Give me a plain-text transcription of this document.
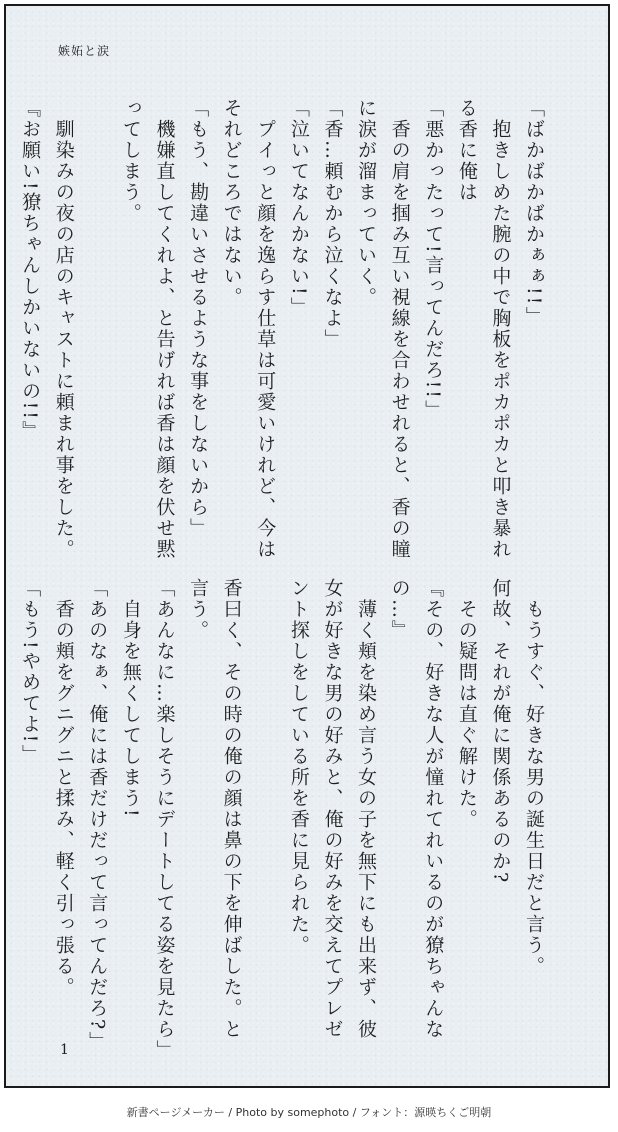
嫉妬と涙

「ばかばかばかぁぁ!!」

　抱きしめた腕の中で胸板をポカポカと叩き暴れ

る香に俺は

「悪かったって!言ってんだろ!!」

　香の肩を掴み互い視線を合わせれると、香の瞳

に涙が溜まっていく。

「香…頼むから泣くなよ」

「泣いてなんかない!」

　プイっと顔を逸らす仕草は可愛いけれど、今は

それどころではない。

「もう、勘違いさせるような事をしないから」

　機嫌直してくれよ、と告げれば香は顔を伏せ黙

ってしまう。

　馴染みの夜の店のキャストに頼まれ事をした。

『お願い!獠ちゃんしかいないの!!』

　もうすぐ、好きな男の誕生日だと言う。

何故、それが俺に関係あるのか?

　その疑問は直ぐ解けた。

『その、好きな人が憧れてれいるのが獠ちゃんな

の…』

　薄く頬を染め言う女の子を無下にも出来ず、彼

女が好きな男の好みと、俺の好みを交えてプレゼ

ント探しをしている所を香に見られた。

香曰く、その時の俺の顔は鼻の下を伸ばした。と

言う。

「あんなに…楽しそうにデートしてる姿を見たら」

　自身を無くしてしまう!

「あのなぁ、俺には香だけだって言ってんだろ?」

　香の頬をグニグニと揉み、軽く引っ張る。

「もう!やめてよ!」

1
新書ページメーカー / Photo by somephoto / フォント：源暎ちくご明朝
